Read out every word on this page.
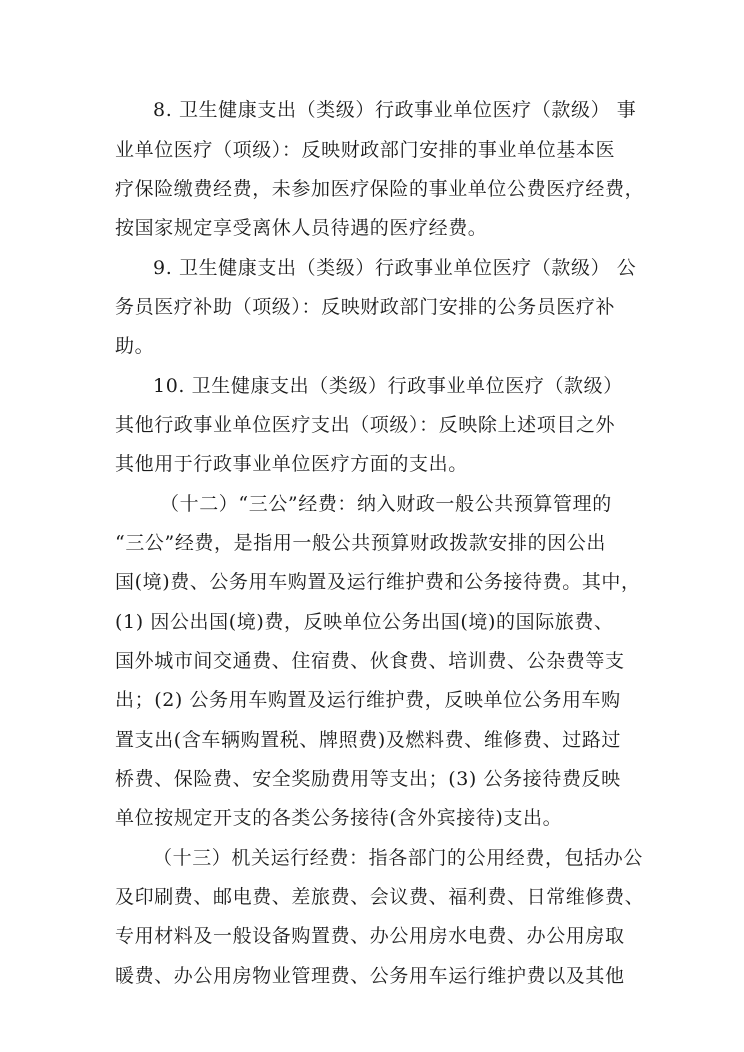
8. 卫生健康支出（类级）行政事业单位医疗（款级） 事
业单位医疗（项级）：反映财政部门安排的事业单位基本医
疗保险缴费经费，未参加医疗保险的事业单位公费医疗经费，
按国家规定享受离休人员待遇的医疗经费。
9. 卫生健康支出（类级）行政事业单位医疗（款级） 公
务员医疗补助（项级）：反映财政部门安排的公务员医疗补
助。
10. 卫生健康支出（类级）行政事业单位医疗（款级）
其他行政事业单位医疗支出（项级）：反映除上述项目之外
其他用于行政事业单位医疗方面的支出。
（十二）“三公”经费：纳入财政一般公共预算管理的
“三公”经费，是指用一般公共预算财政拨款安排的因公出
国(境)费、公务用车购置及运行维护费和公务接待费。其中，
(1) 因公出国(境)费，反映单位公务出国(境)的国际旅费、
国外城市间交通费、住宿费、伙食费、培训费、公杂费等支
出；(2) 公务用车购置及运行维护费，反映单位公务用车购
置支出(含车辆购置税、牌照费)及燃料费、维修费、过路过
桥费、保险费、安全奖励费用等支出；(3) 公务接待费反映
单位按规定开支的各类公务接待(含外宾接待)支出。
（十三）机关运行经费：指各部门的公用经费，包括办公
及印刷费、邮电费、差旅费、会议费、福利费、日常维修费、
专用材料及一般设备购置费、办公用房水电费、办公用房取
暖费、办公用房物业管理费、公务用车运行维护费以及其他
